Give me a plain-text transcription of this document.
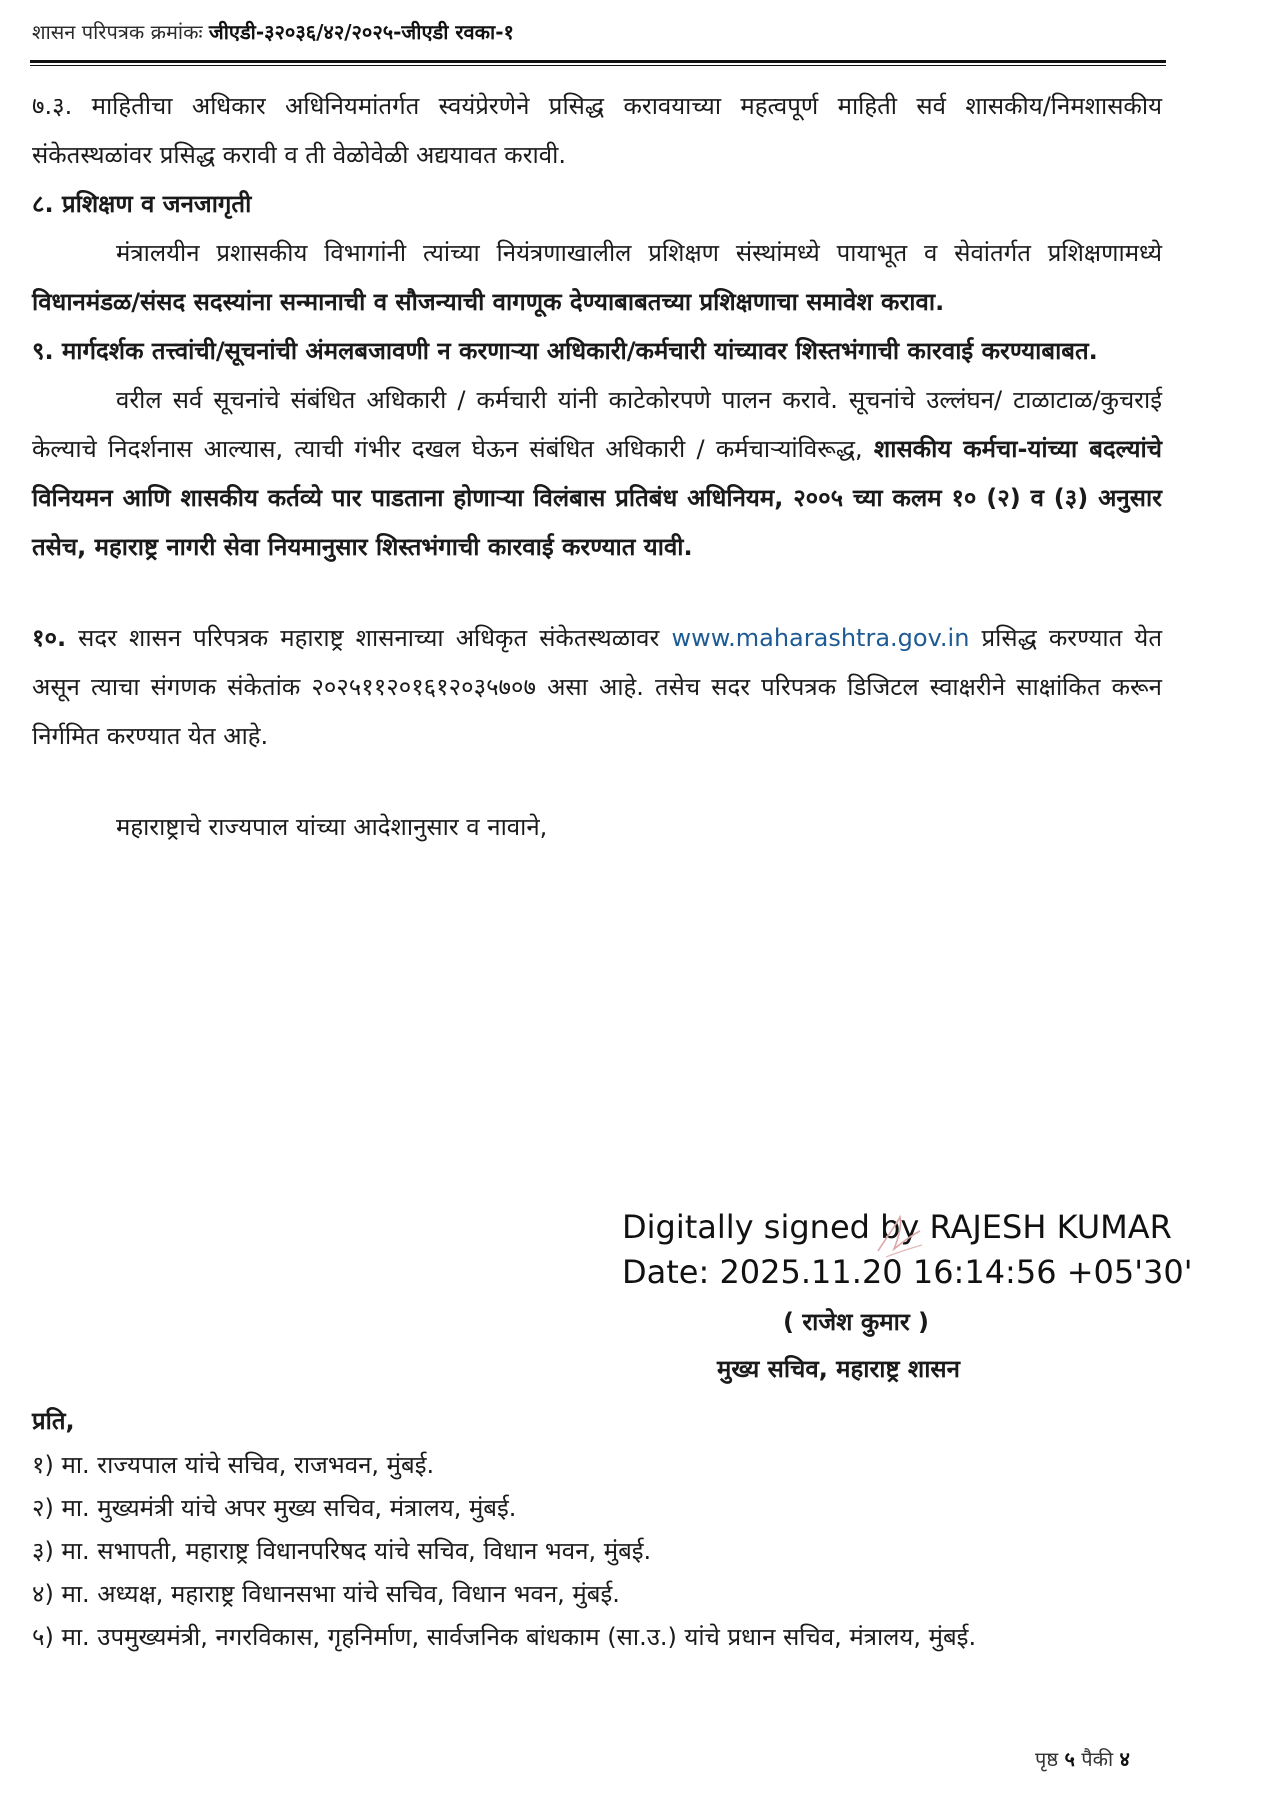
शासन परिपत्रक क्रमांकः जीएडी-३२०३६/४२/२०२५-जीएडी रवका-१

७.३. माहितीचा अधिकार अधिनियमांतर्गत स्वयंप्रेरणेने प्रसिद्ध करावयाच्या महत्वपूर्ण माहिती सर्व शासकीय/निमशासकीय संकेतस्थळांवर प्रसिद्ध करावी व ती वेळोवेळी अद्ययावत करावी.

८. प्रशिक्षण व जनजागृती

मंत्रालयीन प्रशासकीय विभागांनी त्यांच्या नियंत्रणाखालील प्रशिक्षण संस्थांमध्ये पायाभूत व सेवांतर्गत प्रशिक्षणामध्ये विधानमंडळ/संसद सदस्यांना सन्मानाची व सौजन्याची वागणूक देण्याबाबतच्या प्रशिक्षणाचा समावेश करावा.

९. मार्गदर्शक तत्त्वांची/सूचनांची अंमलबजावणी न करणाऱ्या अधिकारी/कर्मचारी यांच्यावर शिस्तभंगाची कारवाई करण्याबाबत.

वरील सर्व सूचनांचे संबंधित अधिकारी / कर्मचारी यांनी काटेकोरपणे पालन करावे. सूचनांचे उल्लंघन/ टाळाटाळ/कुचराई केल्याचे निदर्शनास आल्यास, त्याची गंभीर दखल घेऊन संबंधित अधिकारी / कर्मचाऱ्यांविरूद्ध, शासकीय कर्मचा-यांच्या बदल्यांचे विनियमन आणि शासकीय कर्तव्ये पार पाडताना होणाऱ्या विलंबास प्रतिबंध अधिनियम, २००५ च्या कलम १० (२) व (३) अनुसार तसेच, महाराष्ट्र नागरी सेवा नियमानुसार शिस्तभंगाची कारवाई करण्यात यावी.

१०. सदर शासन परिपत्रक महाराष्ट्र शासनाच्या अधिकृत संकेतस्थळावर www.maharashtra.gov.in प्रसिद्ध करण्यात येत असून त्याचा संगणक संकेतांक २०२५११२०१६१२०३५७०७ असा आहे. तसेच सदर परिपत्रक डिजिटल स्वाक्षरीने साक्षांकित करून निर्गमित करण्यात येत आहे.

महाराष्ट्राचे राज्यपाल यांच्या आदेशानुसार व नावाने,

Digitally signed by RAJESH KUMAR
Date: 2025.11.20 16:14:56 +05'30'
( राजेश कुमार )
मुख्य सचिव, महाराष्ट्र शासन
प्रति,
१) मा. राज्यपाल यांचे सचिव, राजभवन, मुंबई.
२) मा. मुख्यमंत्री यांचे अपर मुख्य सचिव, मंत्रालय, मुंबई.
३) मा. सभापती, महाराष्ट्र विधानपरिषद यांचे सचिव, विधान भवन, मुंबई.
४) मा. अध्यक्ष, महाराष्ट्र विधानसभा यांचे सचिव, विधान भवन, मुंबई.
५) मा. उपमुख्यमंत्री, नगरविकास, गृहनिर्माण, सार्वजनिक बांधकाम (सा.उ.) यांचे प्रधान सचिव, मंत्रालय, मुंबई.
पृष्ठ ५ पैकी ४
